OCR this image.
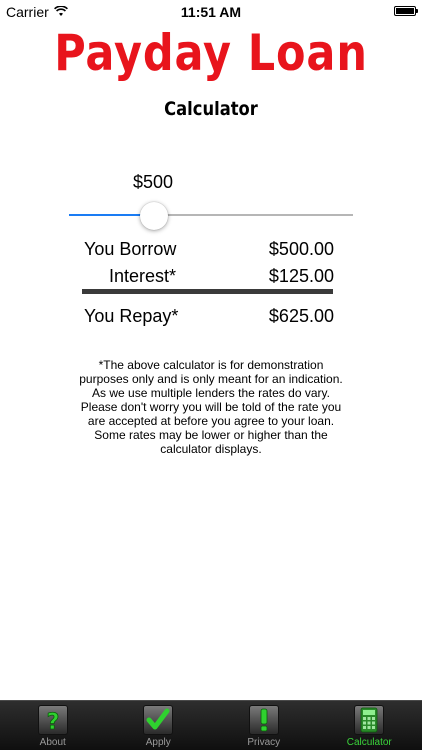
Carrier	11:51 AM
Payday Loan
Calculator
$500
You Borrow	$500.00
Interest*	$125.00
You Repay*	$625.00
*The above calculator is for demonstration
purposes only and is only meant for an indication.
As we use multiple lenders the rates do vary.
Please don't worry you will be told of the rate you
are accepted at before you agree to your loan.
Some rates may be lower or higher than the
calculator displays.
?
About	Apply	Privacy	Calculator
